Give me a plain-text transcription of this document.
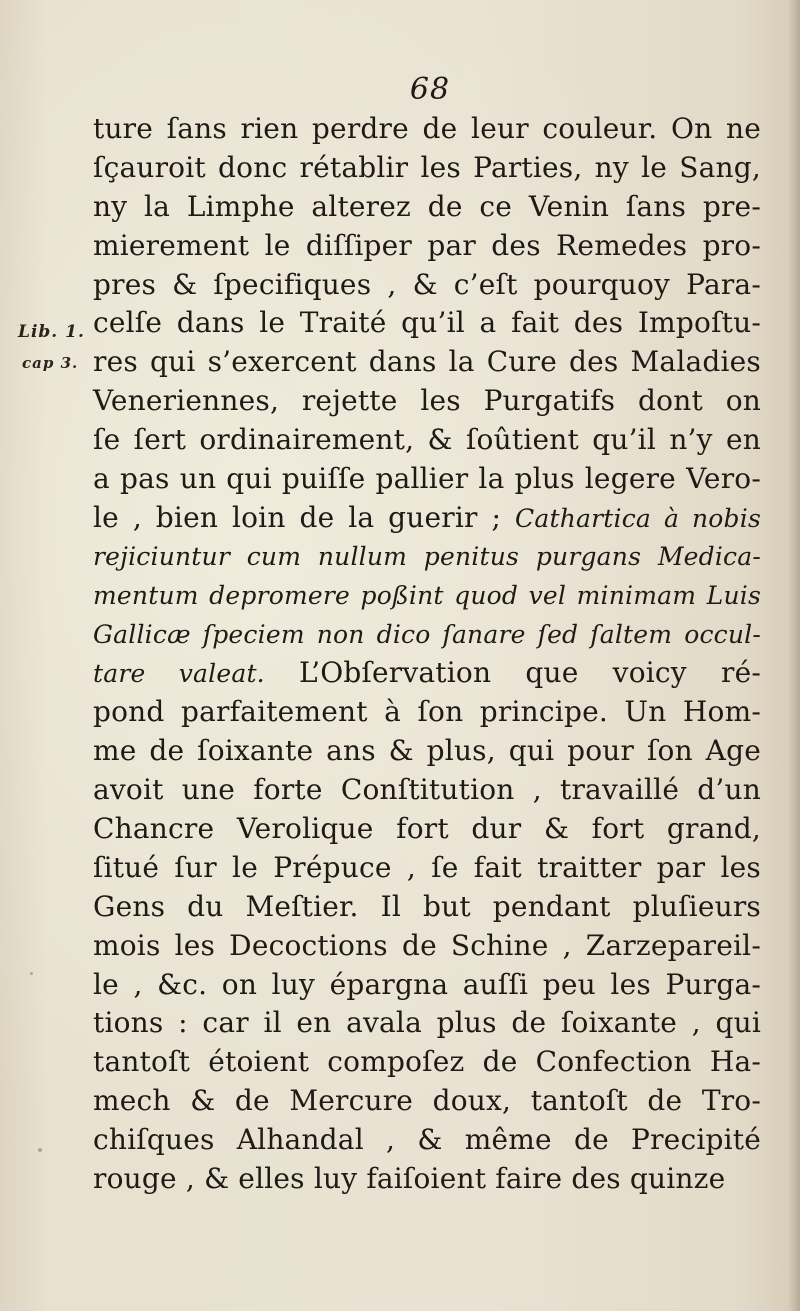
68
Lib. 1.
cap 3.
ture ſans rien perdre de leur couleur. On ne
ſçauroit donc rétablir les Parties, ny le Sang,
ny la Limphe alterez de ce Venin ſans pre-
mierement le diſſiper par des Remedes pro-
pres & ſpecifiques , & c’eſt pourquoy Para-
celſe dans le Traité qu’il a fait des Impoſtu-
res qui s’exercent dans la Cure des Maladies
Veneriennes, rejette les Purgatifs dont on
ſe ſert ordinairement, & ſoûtient qu’il n’y en
a pas un qui puiſſe pallier la plus legere Vero-
le , bien loin de la guerir ; Cathartica à nobis
rejiciuntur cum nullum penitus purgans Medica-
mentum depromere poßint quod vel minimam Luis
Gallicæ ſpeciem non dico ſanare ſed ſaltem occul-
tare valeat. L’Obſervation que voicy ré-
pond parfaitement à ſon principe. Un Hom-
me de ſoixante ans & plus, qui pour ſon Age
avoit une forte Conſtitution , travaillé d’un
Chancre Verolique fort dur & fort grand,
ſitué ſur le Prépuce , ſe fait traitter par les
Gens du Meſtier. Il but pendant pluſieurs
mois les Decoctions de Schine , Zarzepareil-
le , &c. on luy épargna auſſi peu les Purga-
tions : car il en avala plus de ſoixante , qui
tantoſt étoient compoſez de Confection Ha-
mech & de Mercure doux, tantoſt de Tro-
chiſques Alhandal , & même de Precipité
rouge , & elles luy faiſoient faire des quinze
